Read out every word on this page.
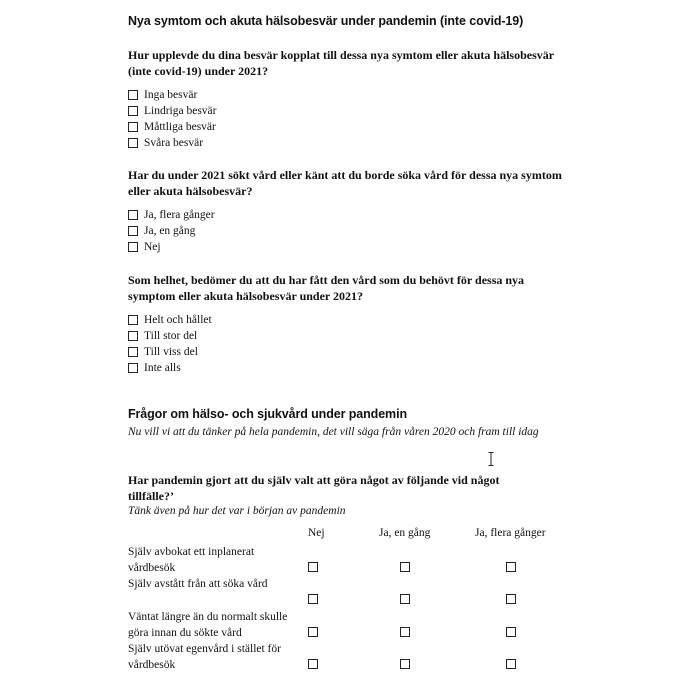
Nya symtom och akuta hälsobesvär under pandemin (inte covid-19)
Hur upplevde du dina besvär kopplat till dessa nya symtom eller akuta hälsobesvär (inte covid-19) under 2021?
Inga besvär
Lindriga besvär
Måttliga besvär
Svåra besvär
Har du under 2021 sökt vård eller känt att du borde söka vård för dessa nya symtom eller akuta hälsobesvär?
Ja, flera gånger
Ja, en gång
Nej
Som helhet, bedömer du att du har fått den vård som du behövt för dessa nya symptom eller akuta hälsobesvär under 2021?
Helt och hållet
Till stor del
Till viss del
Inte alls
Frågor om hälso- och sjukvård under pandemin
Nu vill vi att du tänker på hela pandemin, det vill säga från våren 2020 och fram till idag
Har pandemin gjort att du själv valt att göra något av följande vid något tillfälle?’
Tänk även på hur det var i början av pandemin
Nej	Ja, en gång	Ja, flera gånger
Själv avbokat ett inplanerat vårdbesök
Själv avstått från att söka vård
Väntat längre än du normalt skulle göra innan du sökte vård
Själv utövat egenvård i stället för vårdbesök
